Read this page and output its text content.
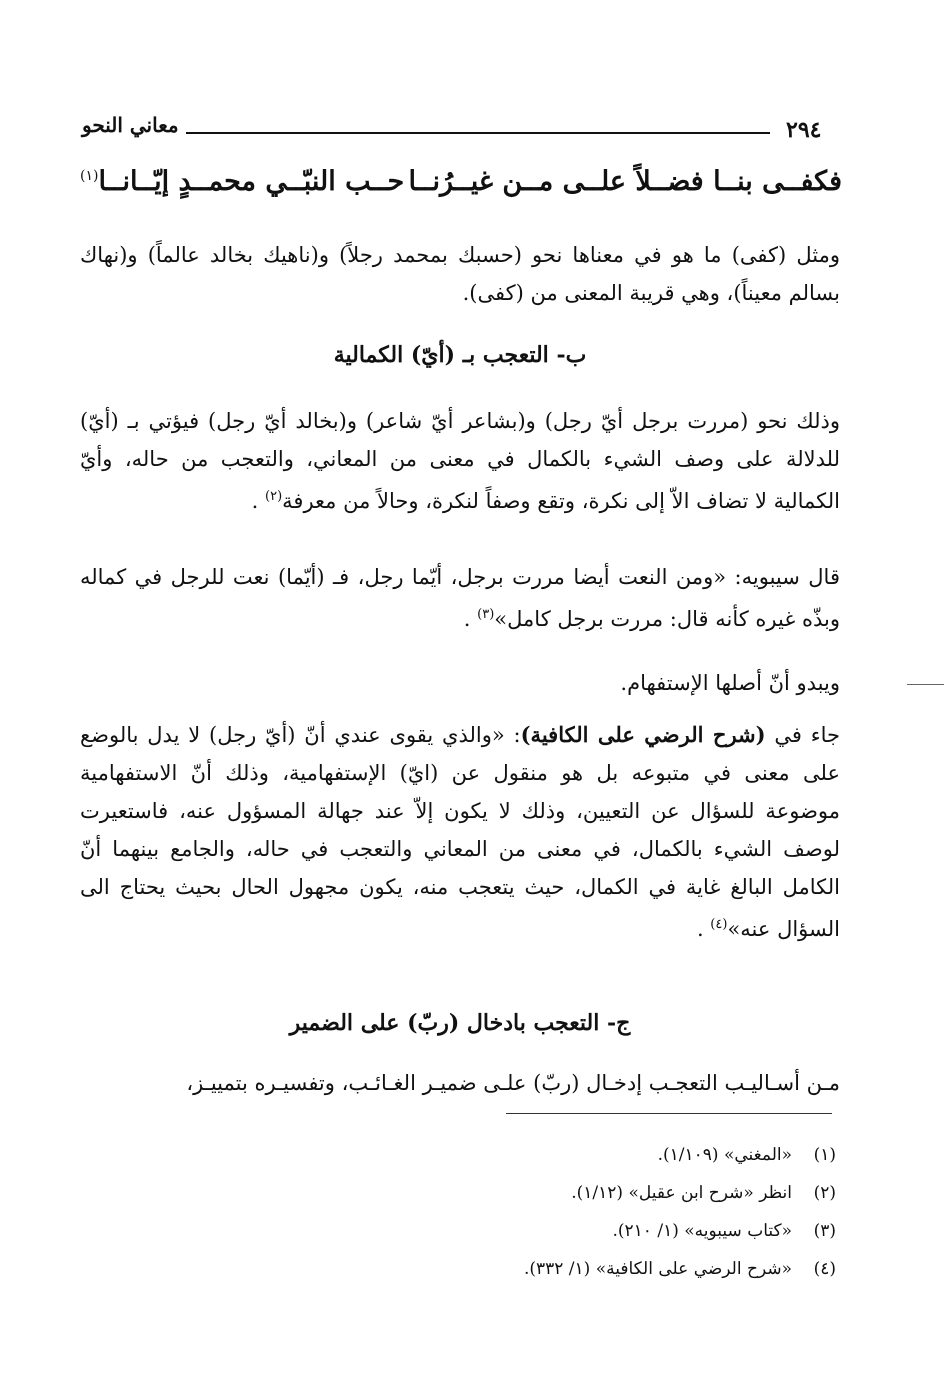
٢٩٤
معاني النحو
فكفــى بنــا فضــلاً علــى مــن غيــرُنــا
حــب النبّــي محمــدٍ إيّــانــا$^{(١)}$
ومثل (كفى) ما هو في معناها نحو (حسبك بمحمد رجلاً) و(ناهيك بخالد عالماً) و(نهاك بسالم معيناً)، وهي قريبة المعنى من (كفى).
ب- التعجب بـ (أيّ) الكمالية
وذلك نحو (مررت برجل أيّ رجل) و(بشاعر أيّ شاعر) و(بخالد أيّ رجل) فيؤتي بـ (أيّ) للدلالة على وصف الشيء بالكمال في معنى من المعاني، والتعجب من حاله، وأيّ الكمالية لا تضاف الاّ إلى نكرة، وتقع وصفاً لنكرة، وحالاً من معرفة$^{(٢)}$ .
قال سيبويه: «ومن النعت أيضا مررت برجل، أيّما رجل، فـ (أيّما) نعت للرجل في كماله وبذّه غيره كأنه قال: مررت برجل كامل»$^{(٣)}$ .
ويبدو أنّ أصلها الإستفهام.
جاء في (شرح الرضي على الكافية): «والذي يقوى عندي أنّ (أيّ رجل) لا يدل بالوضع على معنى في متبوعه بل هو منقول عن (ايّ) الإستفهامية، وذلك أنّ الاستفهامية موضوعة للسؤال عن التعيين، وذلك لا يكون إلاّ عند جهالة المسؤول عنه، فاستعيرت لوصف الشيء بالكمال، في معنى من المعاني والتعجب في حاله، والجامع بينهما أنّ الكامل البالغ غاية في الكمال، حيث يتعجب منه، يكون مجهول الحال بحيث يحتاج الى السؤال عنه»$^{(٤)}$ .
ج- التعجب بادخال (ربّ) على الضمير
مـن أسـاليـب التعجـب إدخـال (ربّ) علـى ضميـر الغـائـب، وتفسيـره بتمييـز،
(١)«المغني» (١/١٠٩).
(٢)انظر «شرح ابن عقيل» (١/١٢).
(٣)«كتاب سيبويه» (١/ ٢١٠).
(٤)«شرح الرضي على الكافية» (١/ ٣٣٢).
